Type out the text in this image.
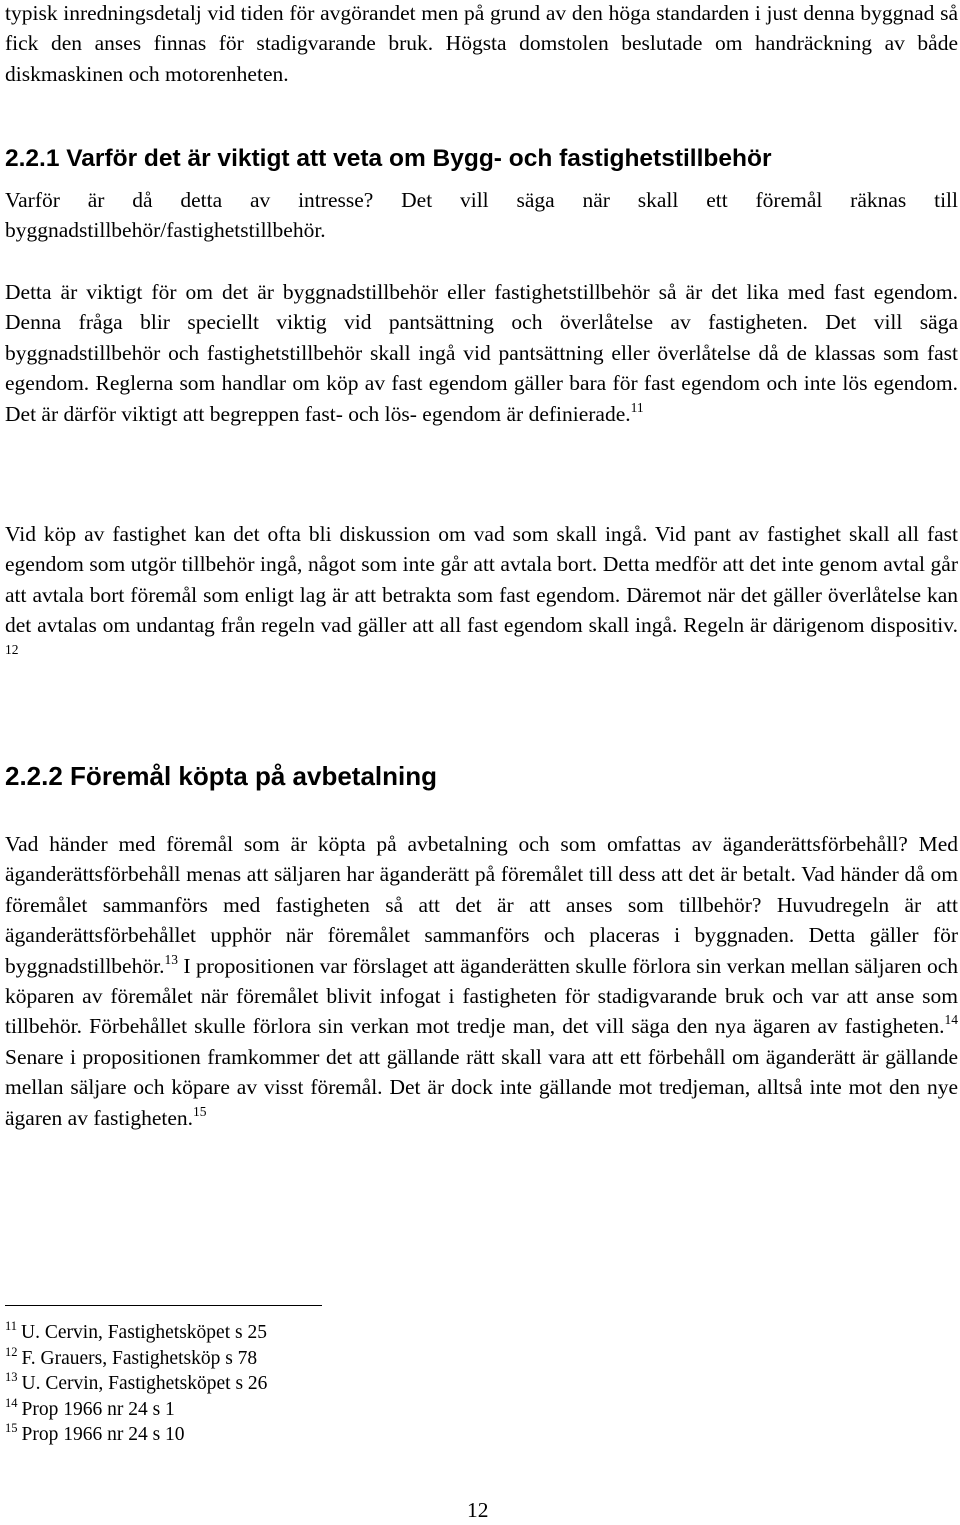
typisk inredningsdetalj vid tiden för avgörandet men på grund av den höga standarden i just denna byggnad så fick den anses finnas för stadigvarande bruk. Högsta domstolen beslutade om handräckning av både diskmaskinen och motorenheten.

2.2.1 Varför det är viktigt att veta om Bygg- och fastighetstillbehör

Varför är då detta av intresse? Det vill säga när skall ett föremål räknas till byggnadstillbehör/fastighetstillbehör.

Detta är viktigt för om det är byggnadstillbehör eller fastighetstillbehör så är det lika med fast egendom. Denna fråga blir speciellt viktig vid pantsättning och överlåtelse av fastigheten. Det vill säga byggnadstillbehör och fastighetstillbehör skall ingå vid pantsättning eller överlåtelse då de klassas som fast egendom. Reglerna som handlar om köp av fast egendom gäller bara för fast egendom och inte lös egendom. Det är därför viktigt att begreppen fast- och lös- egendom är definierade.$^{11}$

Vid köp av fastighet kan det ofta bli diskussion om vad som skall ingå. Vid pant av fastighet skall all fast egendom som utgör tillbehör ingå, något som inte går att avtala bort. Detta medför att det inte genom avtal går att avtala bort föremål som enligt lag är att betrakta som fast egendom. Däremot när det gäller överlåtelse kan det avtalas om undantag från regeln vad gäller att all fast egendom skall ingå. Regeln är därigenom dispositiv. $^{12}$

2.2.2 Föremål köpta på avbetalning

Vad händer med föremål som är köpta på avbetalning och som omfattas av äganderättsförbehåll? Med äganderättsförbehåll menas att säljaren har äganderätt på föremålet till dess att det är betalt. Vad händer då om föremålet sammanförs med fastigheten så att det är att anses som tillbehör? Huvudregeln är att äganderättsförbehållet upphör när föremålet sammanförs och placeras i byggnaden. Detta gäller för byggnadstillbehör.$^{13}$ I propositionen var förslaget att äganderätten skulle förlora sin verkan mellan säljaren och köparen av föremålet när föremålet blivit infogat i fastigheten för stadigvarande bruk och var att anse som tillbehör. Förbehållet skulle förlora sin verkan mot tredje man, det vill säga den nya ägaren av fastigheten.$^{14}$ Senare i propositionen framkommer det att gällande rätt skall vara att ett förbehåll om äganderätt är gällande mellan säljare och köpare av visst föremål. Det är dock inte gällande mot tredjeman, alltså inte mot den nye ägaren av fastigheten.$^{15}$

$^{11}$ U. Cervin, Fastighetsköpet s 25

$^{12}$ F. Grauers, Fastighetsköp s 78

$^{13}$ U. Cervin, Fastighetsköpet s 26

$^{14}$ Prop 1966 nr 24 s 1

$^{15}$ Prop 1966 nr 24 s 10

12
